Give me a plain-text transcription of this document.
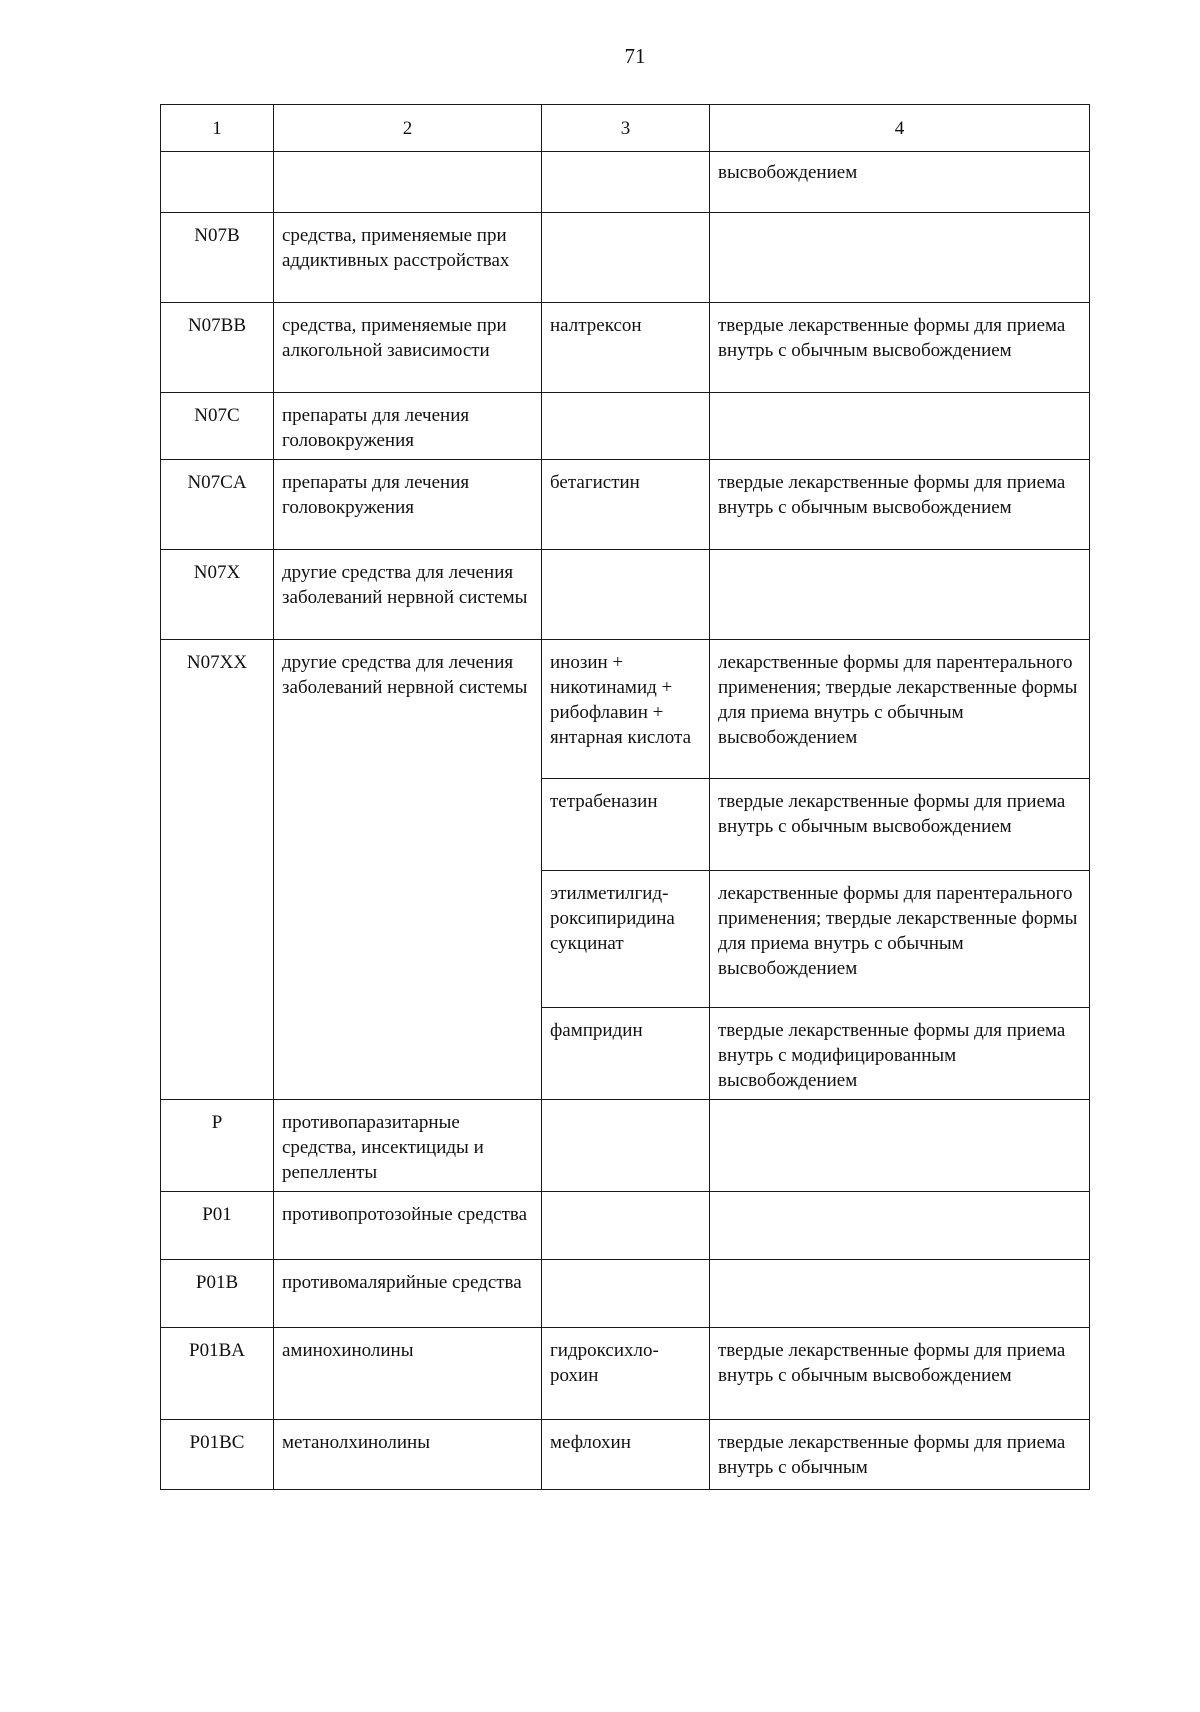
71
1	2	3	4
			высвобождением
N07B	средства, применяемые при аддиктивных расстройствах		
N07BB	средства, применяемые при алкогольной зависимости	налтрексон	твердые лекарственные формы для приема внутрь с обычным высвобождением
N07C	препараты для лечения головокружения		
N07CA	препараты для лечения головокружения	бетагистин	твердые лекарственные формы для приема внутрь с обычным высвобождением
N07X	другие средства для лечения заболеваний нервной системы		
N07XX	другие средства для лечения заболеваний нервной системы	инозин + никотинамид + рибофлавин + янтарная кислота	лекарственные формы для парентерального применения; твердые лекарственные формы для приема внутрь с обычным высвобождением
		тетрабеназин	твердые лекарственные формы для приема внутрь с обычным высвобождением
		этилметилгид-роксипиридина сукцинат	лекарственные формы для парентерального применения; твердые лекарственные формы для приема внутрь с обычным высвобождением
		фампридин	твердые лекарственные формы для приема внутрь с модифицированным высвобождением
P	противопаразитарные средства, инсектициды и репелленты		
P01	противопротозойные средства		
P01B	противомалярийные средства		
P01BA	аминохинолины	гидроксихло-рохин	твердые лекарственные формы для приема внутрь с обычным высвобождением
P01BC	метанолхинолины	мефлохин	твердые лекарственные формы для приема внутрь с обычным
